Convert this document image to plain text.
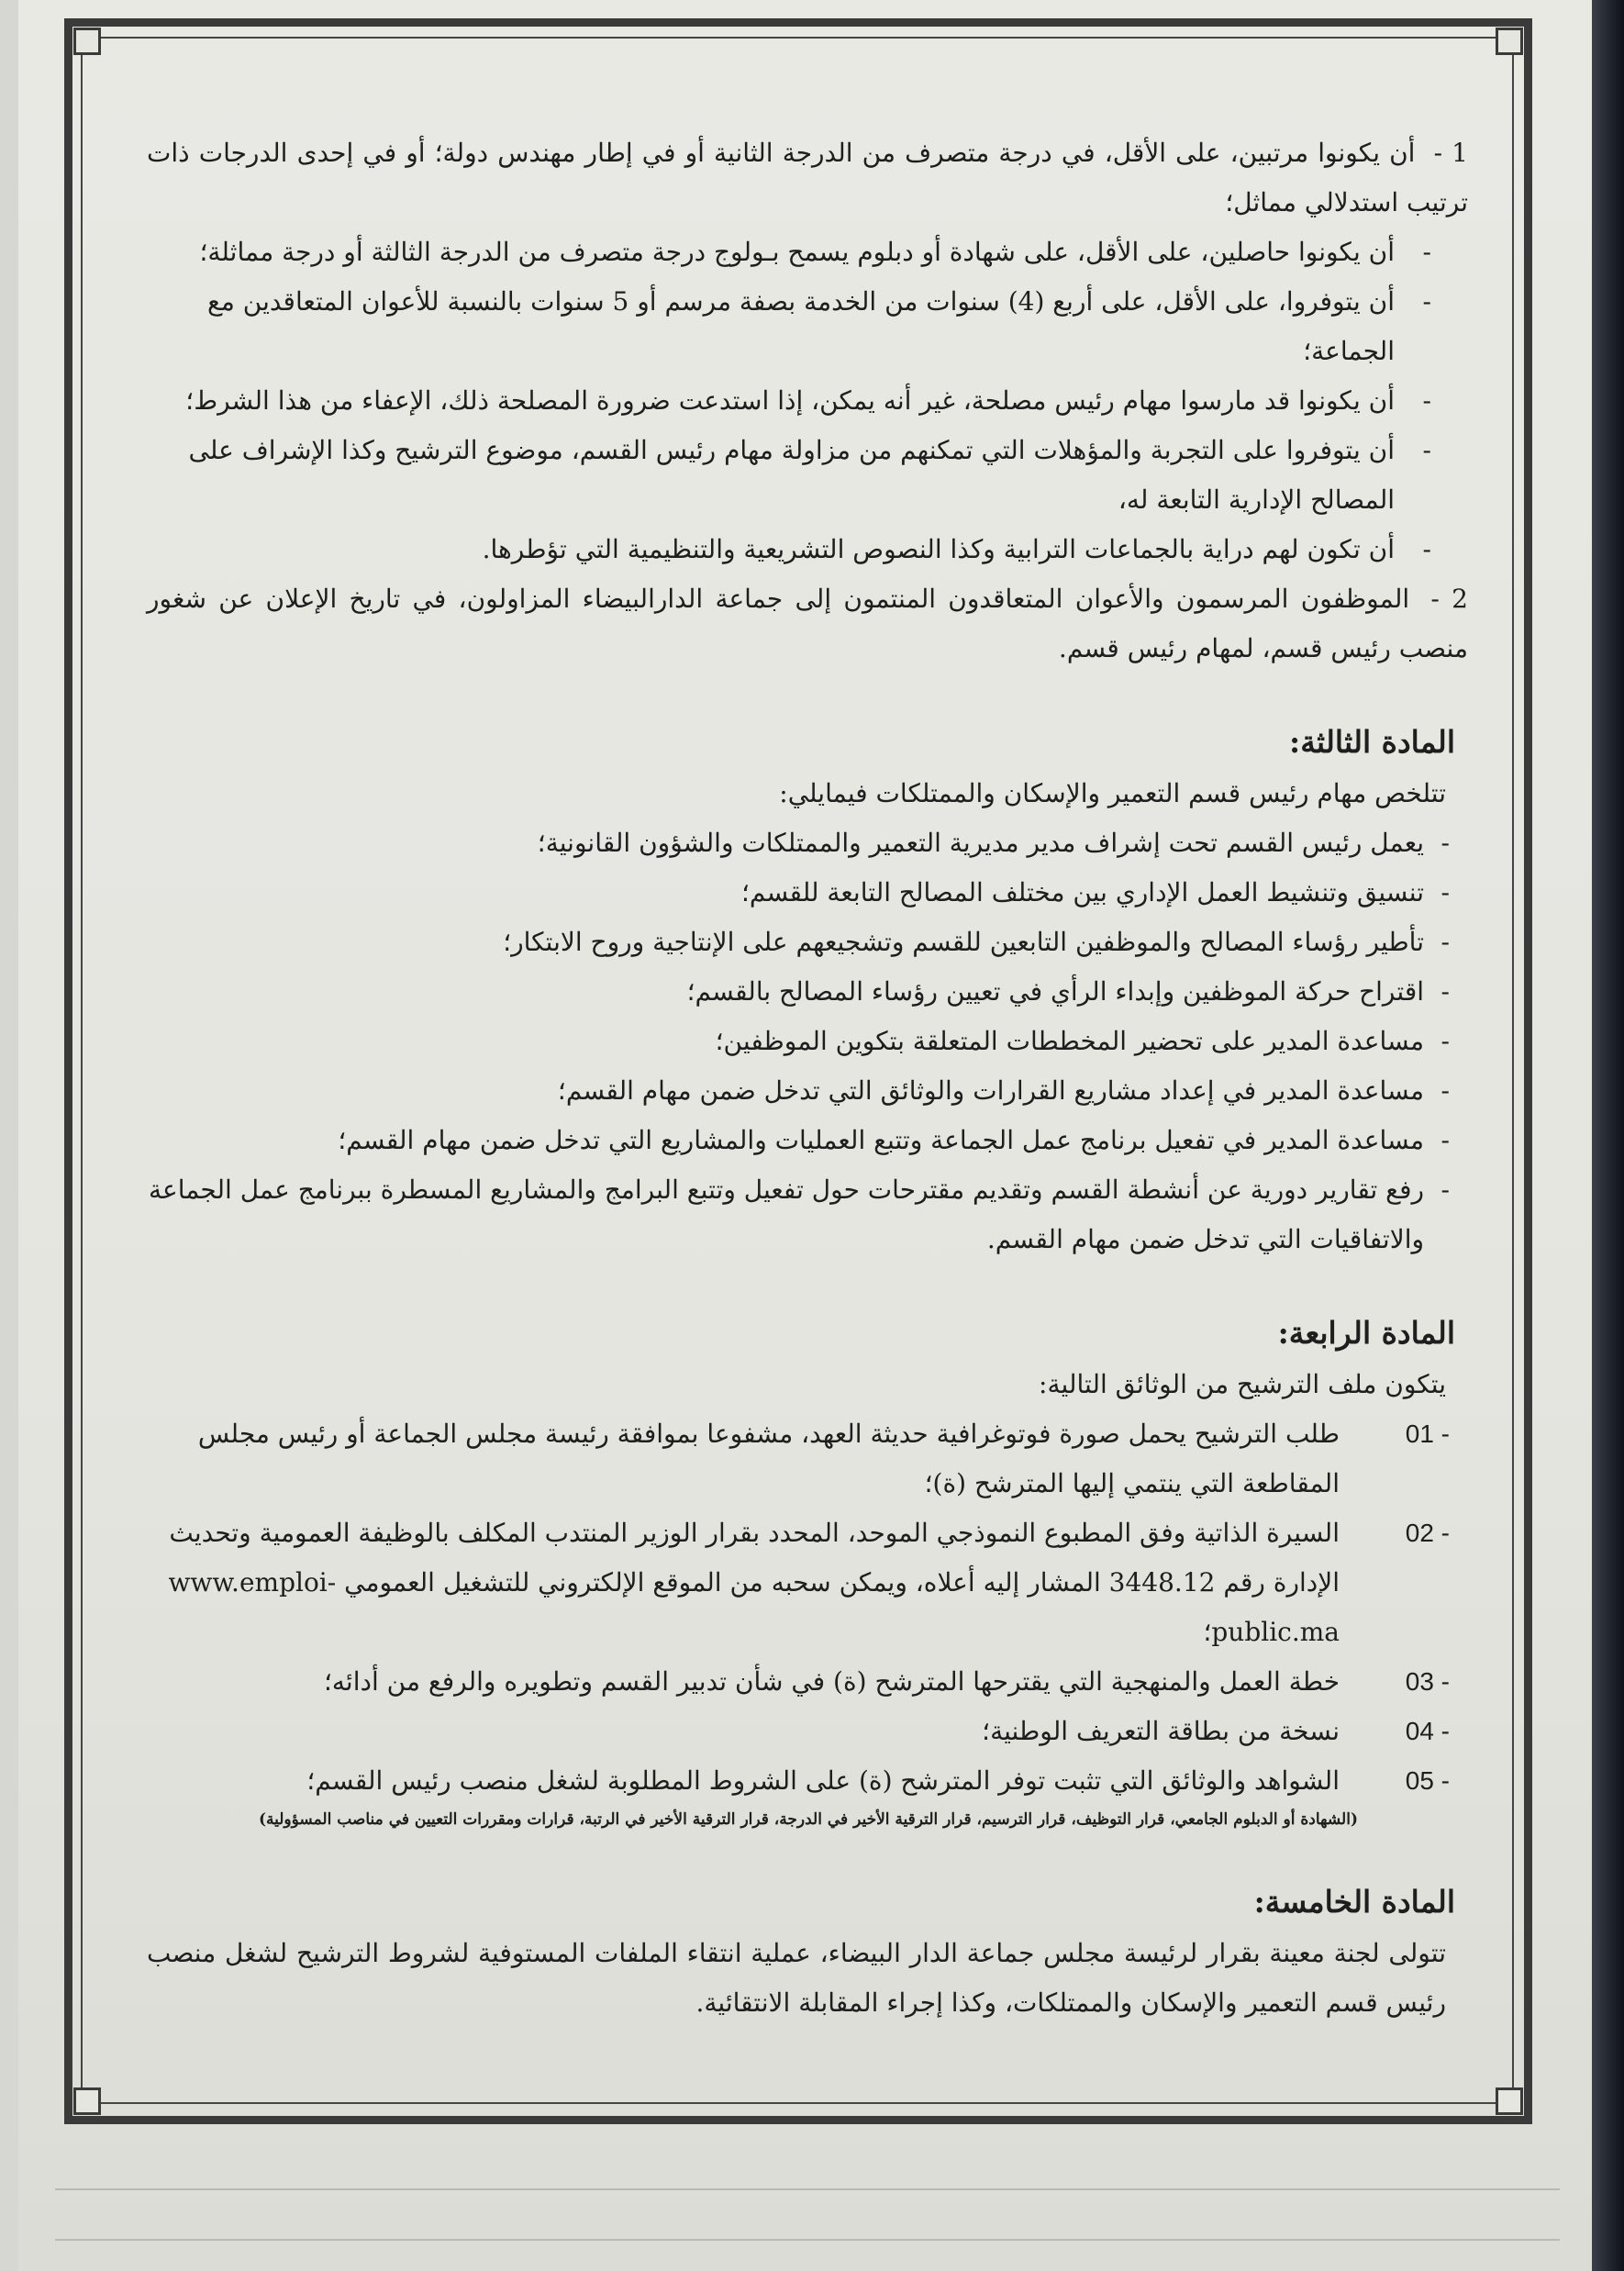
1 - أن يكونوا مرتبين، على الأقل، في درجة متصرف من الدرجة الثانية أو في إطار مهندس دولة؛ أو في إحدى الدرجات ذات ترتيب استدلالي مماثل؛

-
أن يكونوا حاصلين، على الأقل، على شهادة أو دبلوم يسمح بـولوج درجة متصرف من الدرجة الثالثة أو درجة مماثلة؛
-
أن يتوفروا، على الأقل، على أربع (4) سنوات من الخدمة بصفة مرسم أو 5 سنوات بالنسبة للأعوان المتعاقدين مع الجماعة؛
-
أن يكونوا قد مارسوا مهام رئيس مصلحة، غير أنه يمكن، إذا استدعت ضرورة المصلحة ذلك، الإعفاء من هذا الشرط؛
-
أن يتوفروا على التجربة والمؤهلات التي تمكنهم من مزاولة مهام رئيس القسم، موضوع الترشيح وكذا الإشراف على المصالح الإدارية التابعة له،
-
أن تكون لهم دراية بالجماعات الترابية وكذا النصوص التشريعية والتنظيمية التي تؤطرها.

2 - الموظفون المرسمون والأعوان المتعاقدون المنتمون إلى جماعة الدارالبيضاء المزاولون، في تاريخ الإعلان عن شغور منصب رئيس قسم، لمهام رئيس قسم.

المادة الثالثة:

تتلخص مهام رئيس قسم التعمير والإسكان والممتلكات فيمايلي:

-
يعمل رئيس القسم تحت إشراف مدير مديرية التعمير والممتلكات والشؤون القانونية؛
-
تنسيق وتنشيط العمل الإداري بين مختلف المصالح التابعة للقسم؛
-
تأطير رؤساء المصالح والموظفين التابعين للقسم وتشجيعهم على الإنتاجية وروح الابتكار؛
-
اقتراح حركة الموظفين وإبداء الرأي في تعيين رؤساء المصالح بالقسم؛
-
مساعدة المدير على تحضير المخططات المتعلقة بتكوين الموظفين؛
-
مساعدة المدير في إعداد مشاريع القرارات والوثائق التي تدخل ضمن مهام القسم؛
-
مساعدة المدير في تفعيل برنامج عمل الجماعة وتتبع العمليات والمشاريع التي تدخل ضمن مهام القسم؛
-
رفع تقارير دورية عن أنشطة القسم وتقديم مقترحات حول تفعيل وتتبع البرامج والمشاريع المسطرة ببرنامج عمل الجماعة والاتفاقيات التي تدخل ضمن مهام القسم.
المادة الرابعة:

يتكون ملف الترشيح من الوثائق التالية:

01 -
طلب الترشيح يحمل صورة فوتوغرافية حديثة العهد، مشفوعا بموافقة رئيسة مجلس الجماعة أو رئيس مجلس المقاطعة التي ينتمي إليها المترشح (ة)؛
02 -
السيرة الذاتية وفق المطبوع النموذجي الموحد، المحدد بقرار الوزير المنتدب المكلف بالوظيفة العمومية وتحديث الإدارة رقم 3448.12 المشار إليه أعلاه، ويمكن سحبه من الموقع الإلكتروني للتشغيل العمومي www.emploi-public.ma؛
03 -
خطة العمل والمنهجية التي يقترحها المترشح (ة) في شأن تدبير القسم وتطويره والرفع من أدائه؛
04 -
نسخة من بطاقة التعريف الوطنية؛
05 -
الشواهد والوثائق التي تثبت توفر المترشح (ة) على الشروط المطلوبة لشغل منصب رئيس القسم؛

(الشهادة أو الدبلوم الجامعي، قرار التوظيف، قرار الترسيم، قرار الترقية الأخير في الدرجة، قرار الترقية الأخير في الرتبة، قرارات ومقررات التعيين في مناصب المسؤولية)

المادة الخامسة:

تتولى لجنة معينة بقرار لرئيسة مجلس جماعة الدار البيضاء، عملية انتقاء الملفات المستوفية لشروط الترشيح لشغل منصب رئيس قسم التعمير والإسكان والممتلكات، وكذا إجراء المقابلة الانتقائية.
